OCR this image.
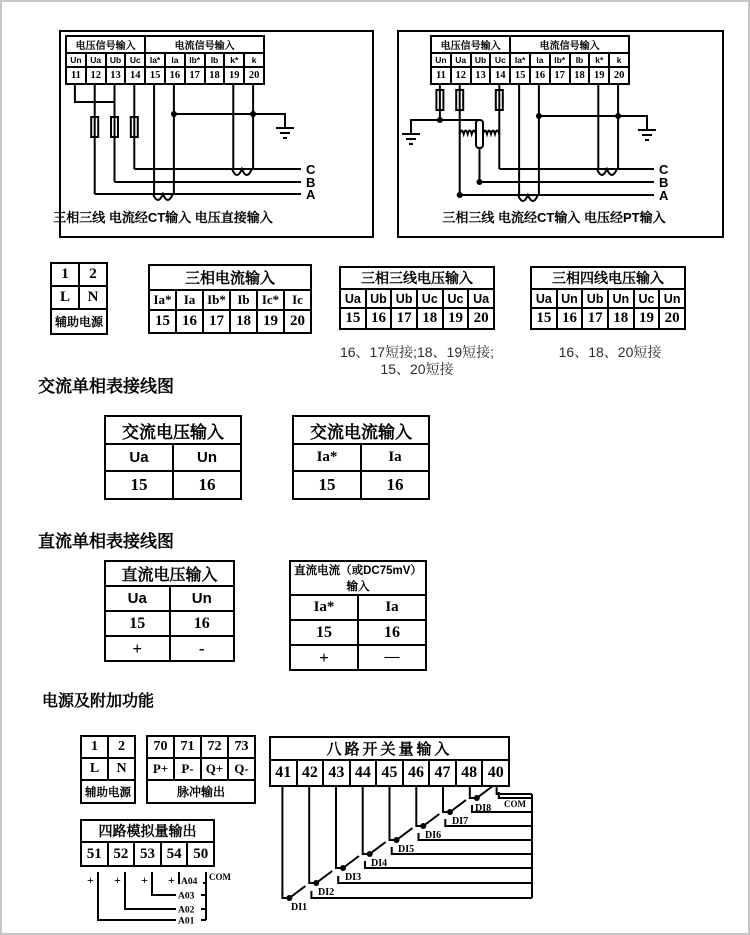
C
B
A
电压信号输入				电流信号输入					
Un	Ua	Ub	Uc	Ia*	Ia	Ib*	Ib	k*	k
11	12	13	14	15	16	17	18	19	20
三相三线 电流经CT输入 电压直接输入
C
B
A
电压信号输入				电流信号输入					
Un	Ua	Ub	Uc	Ia*	Ia	Ib*	Ib	k*	k
11	12	13	14	15	16	17	18	19	20
三相三线 电流经CT输入 电压经PT输入
1	2
L	N
辅助电源	
三相电流输入					
Ia*	Ia	Ib*	Ib	Ic*	Ic
15	16	17	18	19	20
三相三线电压输入					
Ua	Ub	Ub	Uc	Uc	Ua
15	16	17	18	19	20
16、17短接;18、19短接;
15、20短接
三相四线电压输入					
Ua	Un	Ub	Un	Uc	Un
15	16	17	18	19	20
16、18、20短接
交流单相表接线图
交流电压输入	
Ua	Un
15	16
交流电流输入	
Ia*	Ia
15	16
直流单相表接线图
直流电压输入	
Ua	Un
15	16
+	-
直流电流（或DC75mV）输入	
Ia*	Ia
15	16
+	—
电源及附加功能
1	2
L	N
辅助电源	
70	71	72	73
P+	P-	Q+	Q-
脉冲输出			
八路开关量输入
41	42	43	44	45	46	47	48	40
四路模拟量输出
51	52	53	54	50
COM
DI1
DI2
DI3
DI4
DI5
DI6
DI7
DI8
A01
A02
A03
A04
+ + + +	COM
